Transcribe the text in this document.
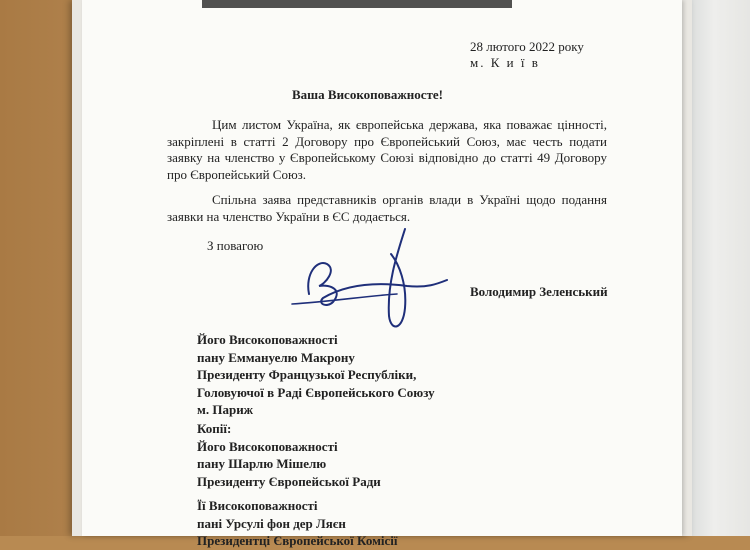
28 лютого 2022 року
м. К и ї в
Ваша Високоповажносте!
Цим листом Україна, як європейська держава, яка поважає цінності, закріплені в статті 2 Договору про Європейський Союз, має честь подати заявку на членство у Європейському Союзі відповідно до статті 49 Договору про Європейський Союз.
Спільна заява представників органів влади в Україні щодо подання заявки на членство України в ЄС додається.
З повагою
Володимир Зеленський
Його Високоповажності
пану Еммануелю Макрону
Президенту Французької Республіки,
Головуючої в Раді Європейського Союзу
м. Париж
Копії:
Його Високоповажності
пану Шарлю Мішелю
Президенту Європейської Ради
Її Високоповажності
пані Урсулі фон дер Ляєн
Президентці Європейської Комісії
